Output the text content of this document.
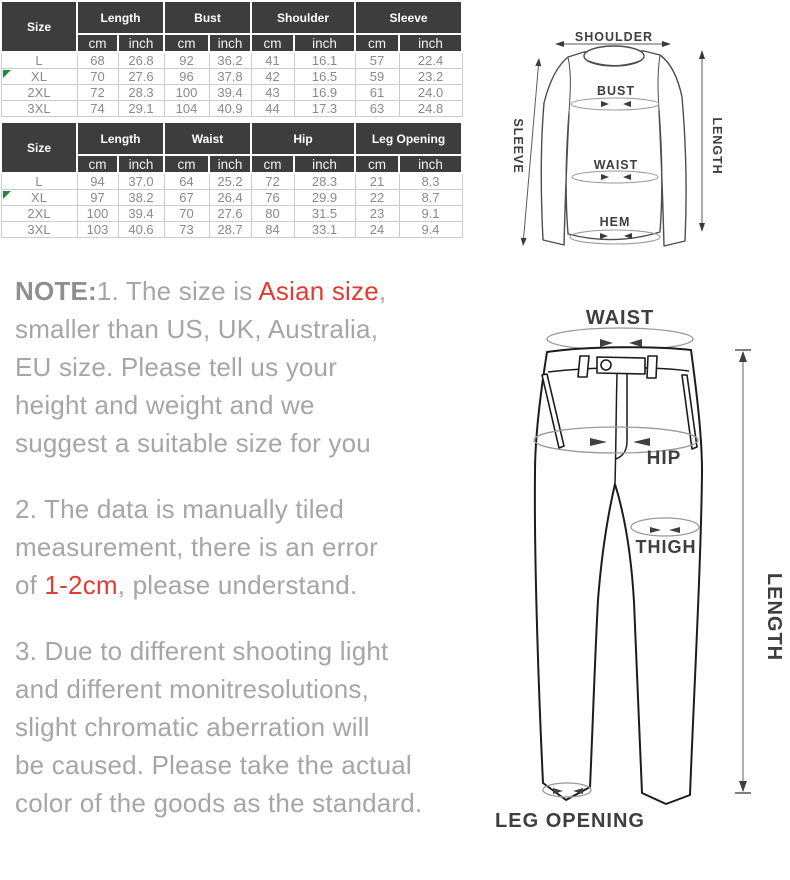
Size	Length		Bust		Shoulder		Sleeve	
	cm	inch	cm	inch	cm	inch	cm	inch
L	68	26.8	92	36.2	41	16.1	57	22.4
XL	70	27.6	96	37.8	42	16.5	59	23.2
2XL	72	28.3	100	39.4	43	16.9	61	24.0
3XL	74	29.1	104	40.9	44	17.3	63	24.8
Size	Length		Waist		Hip		Leg Opening	
	cm	inch	cm	inch	cm	inch	cm	inch
L	94	37.0	64	25.2	72	28.3	21	8.3
XL	97	38.2	67	26.4	76	29.9	22	8.7
2XL	100	39.4	70	27.6	80	31.5	23	9.1
3XL	103	40.6	73	28.7	84	33.1	24	9.4
NOTE:1. The size is Asian size,
smaller than US, UK, Australia,
EU size. Please tell us your
height and weight and we
suggest a suitable size for you
2. The data is manually tiled
measurement, there is an error
of 1-2cm, please understand.
3. Due to different shooting light
and different monitresolutions,
slight chromatic aberration will
be caused. Please take the actual
color of the goods as the standard.
SHOULDER
BUST
WAIST
HEM
SLEEVE	LENGTH
WAIST
HIP
THIGH
LENGTH
LEG OPENING
